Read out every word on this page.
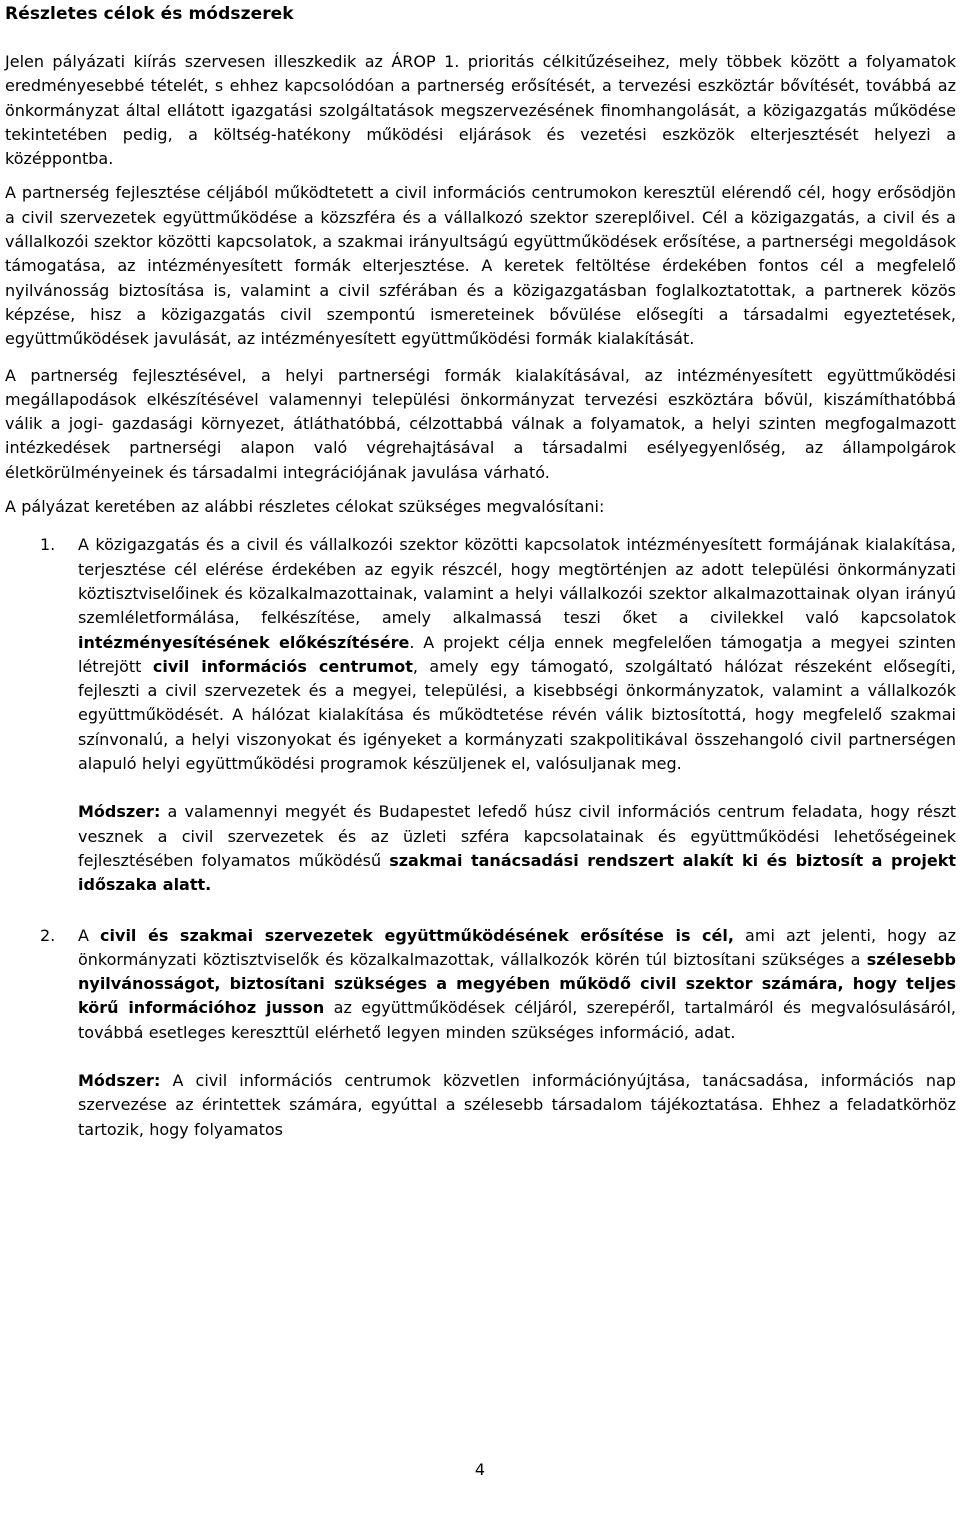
Részletes célok és módszerek

Jelen pályázati kiírás szervesen illeszkedik az ÁROP 1. prioritás célkitűzéseihez, mely többek között a folyamatok eredményesebbé tételét, s ehhez kapcsolódóan a partnerség erősítését, a tervezési eszköztár bővítését, továbbá az önkormányzat által ellátott igazgatási szolgáltatások megszervezésének finomhangolását, a közigazgatás működése tekintetében pedig, a költség-hatékony működési eljárások és vezetési eszközök elterjesztését helyezi a középpontba.

A partnerség fejlesztése céljából működtetett a civil információs centrumokon keresztül elérendő cél, hogy erősödjön a civil szervezetek együttműködése a közszféra és a vállalkozó szektor szereplőivel. Cél a közigazgatás, a civil és a vállalkozói szektor közötti kapcsolatok, a szakmai irányultságú együttműködések erősítése, a partnerségi megoldások támogatása, az intézményesített formák elterjesztése. A keretek feltöltése érdekében fontos cél a megfelelő nyilvánosság biztosítása is, valamint a civil szférában és a közigazgatásban foglalkoztatottak, a partnerek közös képzése, hisz a közigazgatás civil szempontú ismereteinek bővülése elősegíti a társadalmi egyeztetések, együttműködések javulását, az intézményesített együttműködési formák kialakítását.

A partnerség fejlesztésével, a helyi partnerségi formák kialakításával, az intézményesített együttműködési megállapodások elkészítésével valamennyi települési önkormányzat tervezési eszköztára bővül, kiszámíthatóbbá válik a jogi- gazdasági környezet, átláthatóbbá, célzottabbá válnak a folyamatok, a helyi szinten megfogalmazott intézkedések partnerségi alapon való végrehajtásával a társadalmi esélyegyenlőség, az állampolgárok életkörülményeinek és társadalmi integrációjának javulása várható.

A pályázat keretében az alábbi részletes célokat szükséges megvalósítani:

1. A közigazgatás és a civil és vállalkozói szektor közötti kapcsolatok intézményesített formájának kialakítása, terjesztése cél elérése érdekében az egyik részcél, hogy megtörténjen az adott települési önkormányzati köztisztviselőinek és közalkalmazottainak, valamint a helyi vállalkozói szektor alkalmazottainak olyan irányú szemléletformálása, felkészítése, amely alkalmassá teszi őket a civilekkel való kapcsolatok intézményesítésének előkészítésére. A projekt célja ennek megfelelően támogatja a megyei szinten létrejött civil információs centrumot, amely egy támogató, szolgáltató hálózat részeként elősegíti, fejleszti a civil szervezetek és a megyei, települési, a kisebbségi önkormányzatok, valamint a vállalkozók együttműködését. A hálózat kialakítása és működtetése révén válik biztosítottá, hogy megfelelő szakmai színvonalú, a helyi viszonyokat és igényeket a kormányzati szakpolitikával összehangoló civil partnerségen alapuló helyi együttműködési programok készüljenek el, valósuljanak meg.

Módszer: a valamennyi megyét és Budapestet lefedő húsz civil információs centrum feladata, hogy részt vesznek a civil szervezetek és az üzleti szféra kapcsolatainak és együttműködési lehetőségeinek fejlesztésében folyamatos működésű szakmai tanácsadási rendszert alakít ki és biztosít a projekt időszaka alatt.

2. A civil és szakmai szervezetek együttműködésének erősítése is cél, ami azt jelenti, hogy az önkormányzati köztisztviselők és közalkalmazottak, vállalkozók körén túl biztosítani szükséges a szélesebb nyilvánosságot, biztosítani szükséges a megyében működő civil szektor számára, hogy teljes körű információhoz jusson az együttműködések céljáról, szerepéről, tartalmáról és megvalósulásáról, továbbá esetleges kereszttül elérhető legyen minden szükséges információ, adat.

Módszer: A civil információs centrumok közvetlen információnyújtása, tanácsadása, információs nap szervezése az érintettek számára, egyúttal a szélesebb társadalom tájékoztatása. Ehhez a feladatkörhöz tartozik, hogy folyamatos

4
